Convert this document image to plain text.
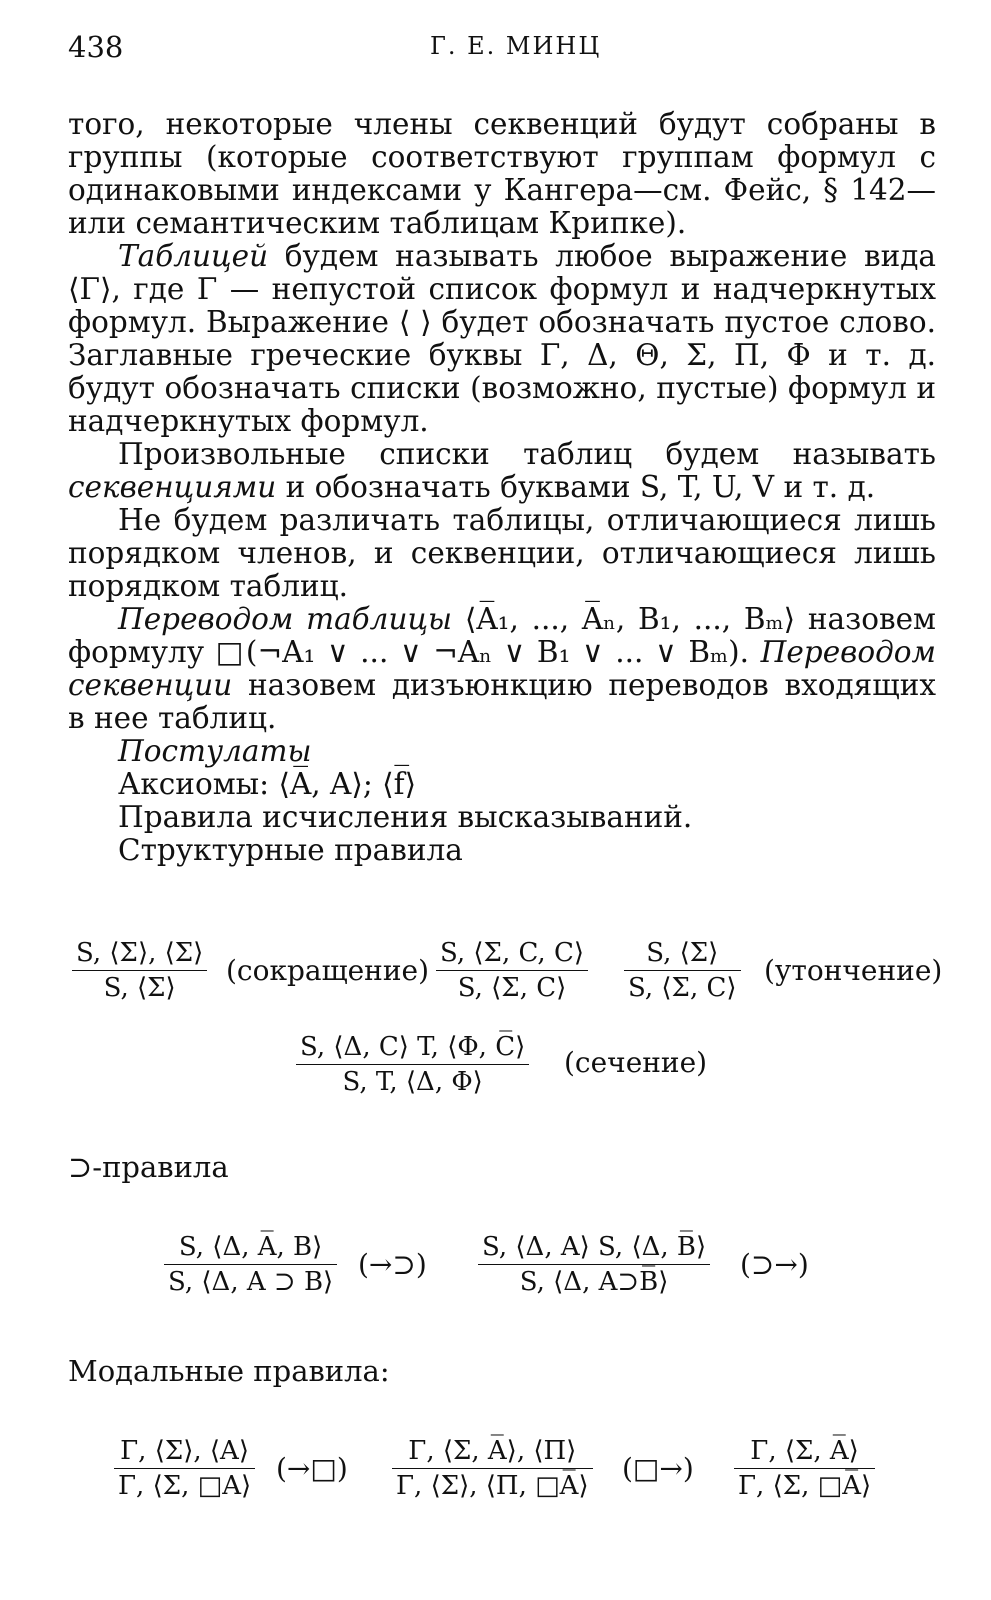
438	Г. Е. МИНЦ

того, некоторые члены секвенций будут собраны в группы (которые соответствуют группам формул с одинаковыми индексами у Кангера—см. Фейс, § 142—или семантическим таблицам Крипке).

Таблицей будем называть любое выражение вида ⟨Γ⟩, где Γ — непустой список формул и надчеркнутых формул. Выражение ⟨ ⟩ будет обозначать пустое слово. Заглавные греческие буквы Γ, Δ, Θ, Σ, Π, Φ и т. д. будут обозначать списки (возможно, пустые) формул и надчеркнутых формул.

Произвольные списки таблиц будем называть секвенциями и обозначать буквами S, T, U, V и т. д.

Не будем различать таблицы, отличающиеся лишь порядком членов, и секвенции, отличающиеся лишь порядком таблиц.

Переводом таблицы ⟨A̅₁, ..., A̅ₙ, B₁, ..., Bₘ⟩ назовем формулу □(¬A₁ ∨ ... ∨ ¬Aₙ ∨ B₁ ∨ ... ∨ Bₘ). Переводом секвенции назовем дизъюнкцию переводов входящих в нее таблиц.

Постулаты

Аксиомы: ⟨A̅, A⟩; ⟨f̅⟩

Правила исчисления высказываний.

Структурные правила

S, ⟨Σ⟩, ⟨Σ⟩
S, ⟨Σ⟩
(сокращение)
S, ⟨Σ, C, C⟩
S, ⟨Σ, C⟩
S, ⟨Σ⟩
S, ⟨Σ, C⟩
(утончение)
S, ⟨Δ, C⟩ T, ⟨Φ, C̅⟩
S, T, ⟨Δ, Φ⟩
(сечение)
⊃-правила
S, ⟨Δ, A̅, B⟩
S, ⟨Δ, A ⊃ B⟩
(→⊃)
S, ⟨Δ, A⟩ S, ⟨Δ, B̅⟩
S, ⟨Δ, A⊃B̅̅⟩
(⊃→)
Модальные правила:
Γ, ⟨Σ⟩, ⟨A⟩
Γ, ⟨Σ, □A⟩
(→□)
Γ, ⟨Σ, A̅⟩, ⟨Π⟩
Γ, ⟨Σ⟩, ⟨Π, □A̅⟩
(□→)
Γ, ⟨Σ, A̅⟩
Γ, ⟨Σ, □A̅⟩
